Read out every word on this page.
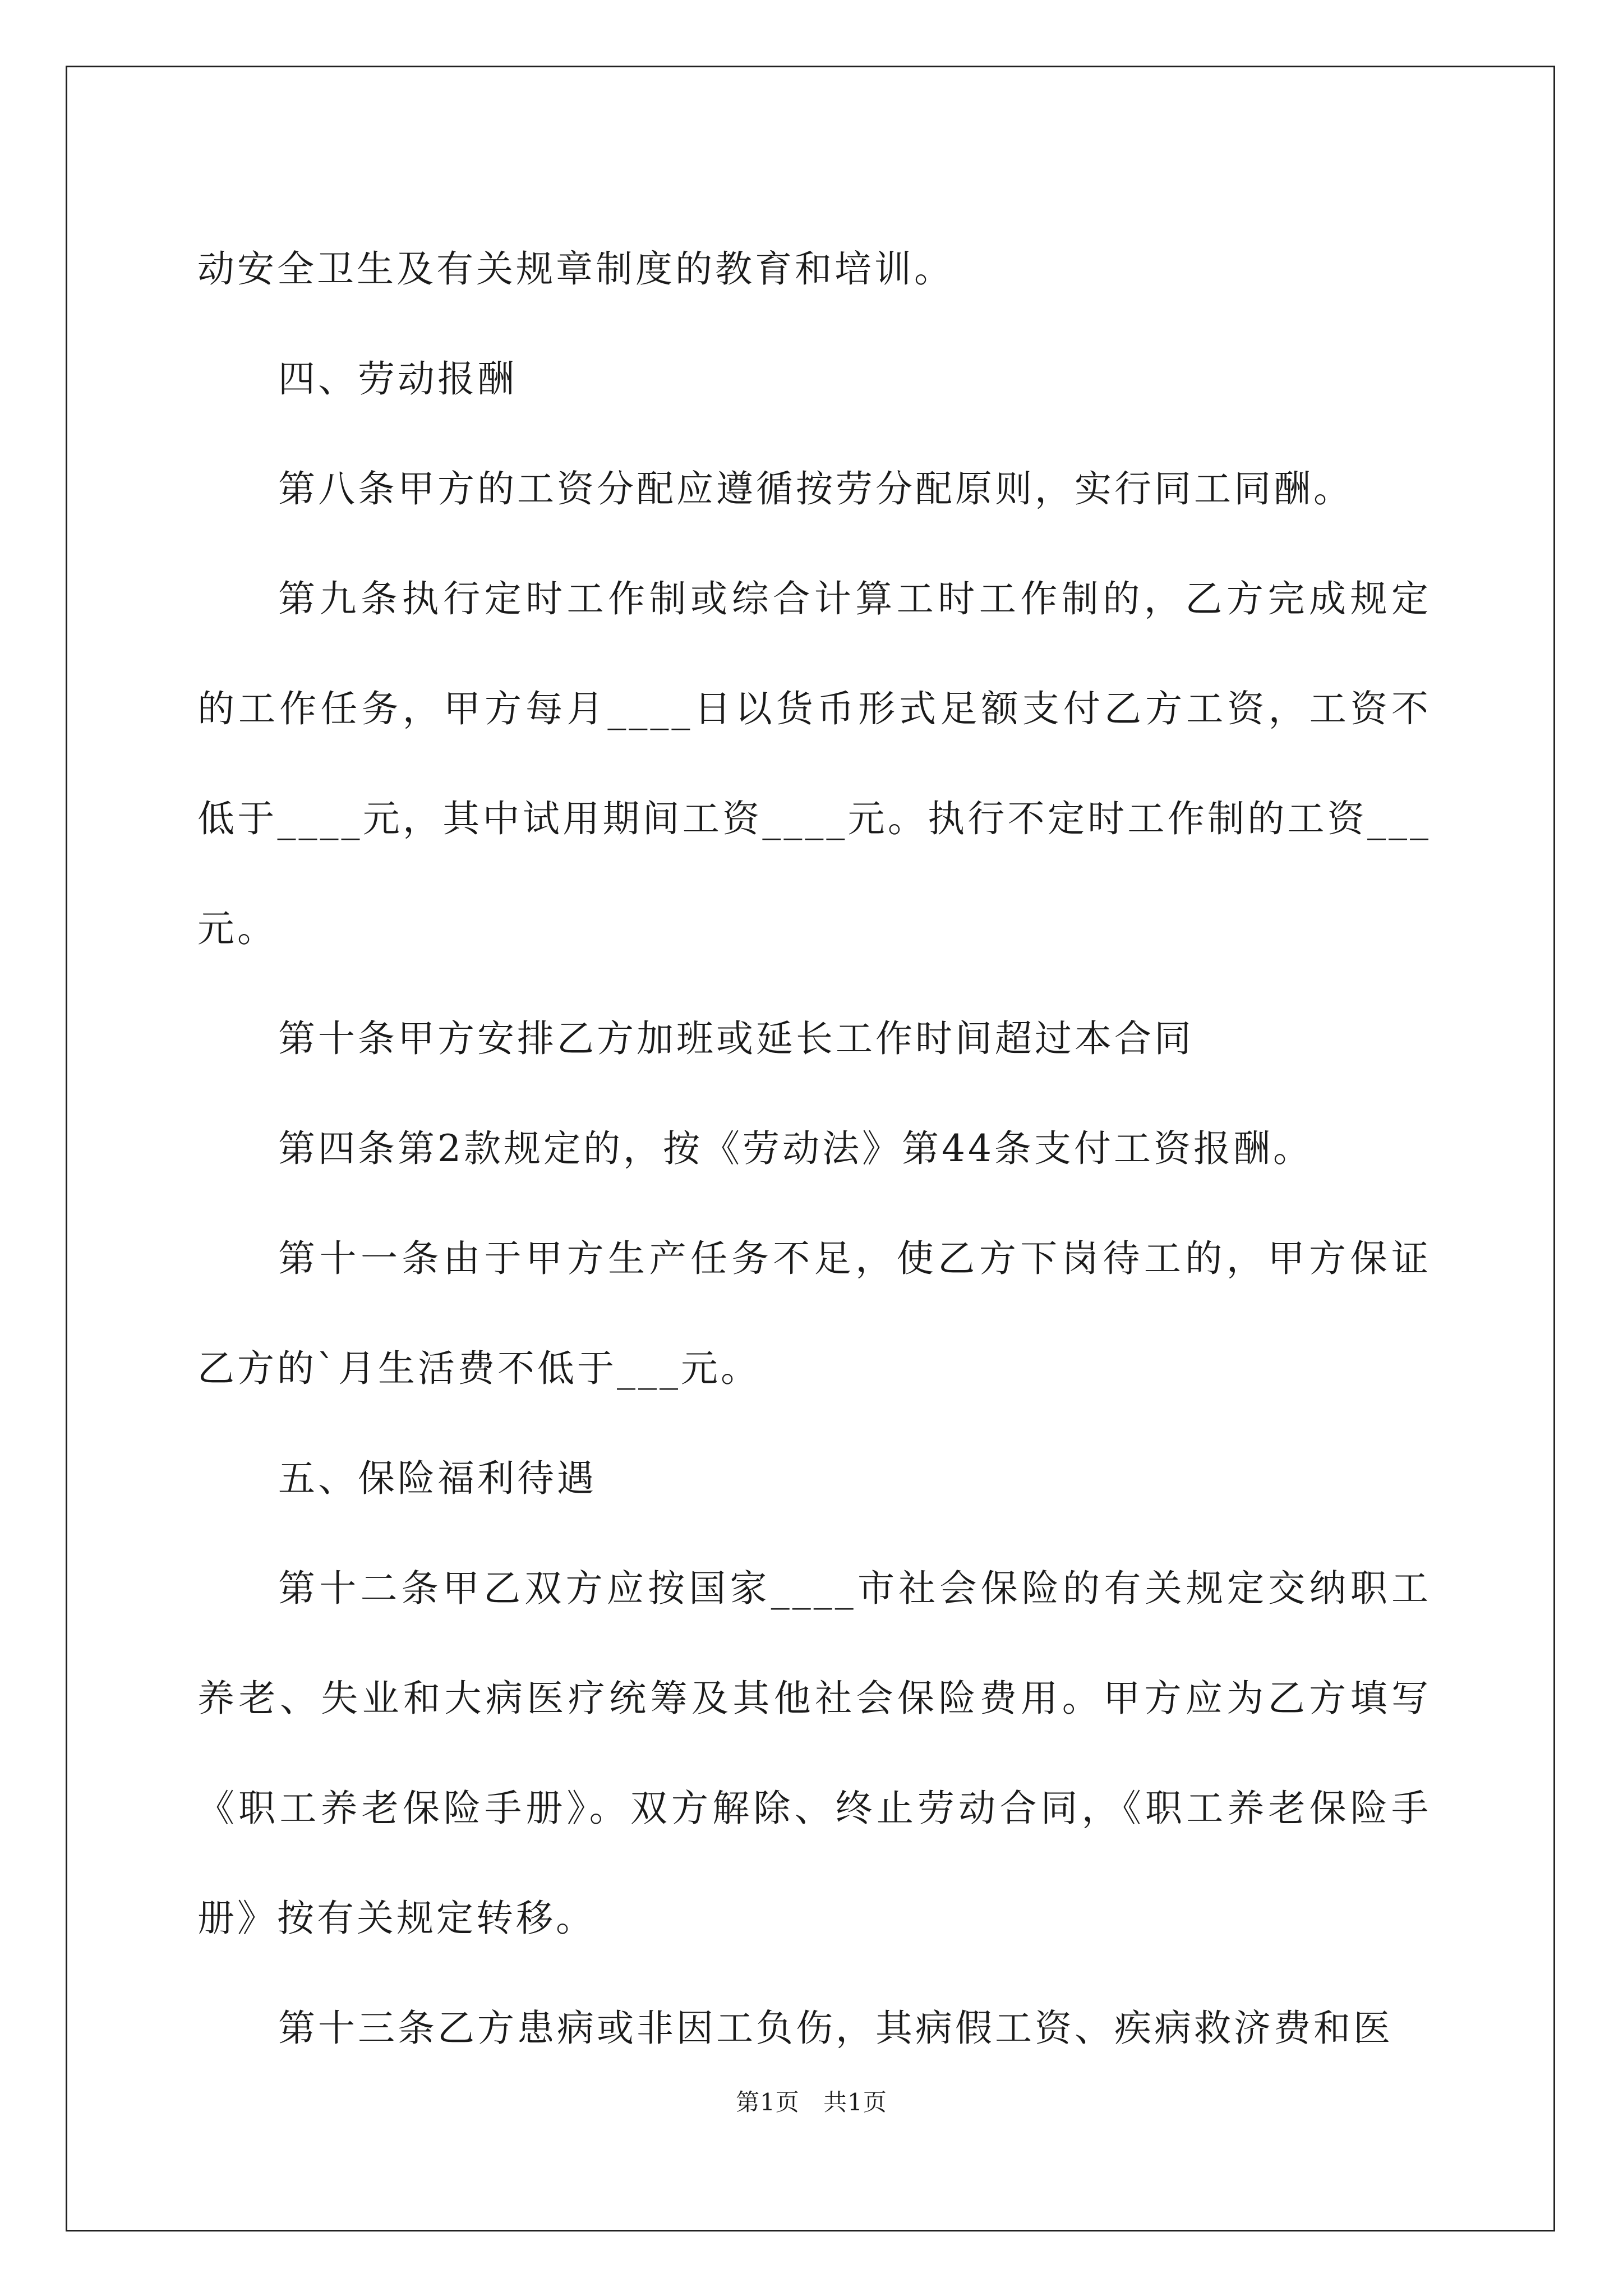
动安全卫生及有关规章制度的教育和培训。

四、劳动报酬

第八条甲方的工资分配应遵循按劳分配原则，实行同工同酬。

第九条执行定时工作制或综合计算工时工作制的，乙方完成规定的工作任务，甲方每月____日以货币形式足额支付乙方工资，工资不低于____元，其中试用期间工资____元。执行不定时工作制的工资___元。

第十条甲方安排乙方加班或延长工作时间超过本合同

第四条第2款规定的，按《劳动法》第44条支付工资报酬。

第十一条由于甲方生产任务不足，使乙方下岗待工的，甲方保证乙方的`月生活费不低于___元。

五、保险福利待遇

第十二条甲乙双方应按国家____市社会保险的有关规定交纳职工养老、失业和大病医疗统筹及其他社会保险费用。甲方应为乙方填写《职工养老保险手册》。双方解除、终止劳动合同，《职工养老保险手册》按有关规定转移。

第十三条乙方患病或非因工负伤，其病假工资、疾病救济费和医

第1页 共1页
